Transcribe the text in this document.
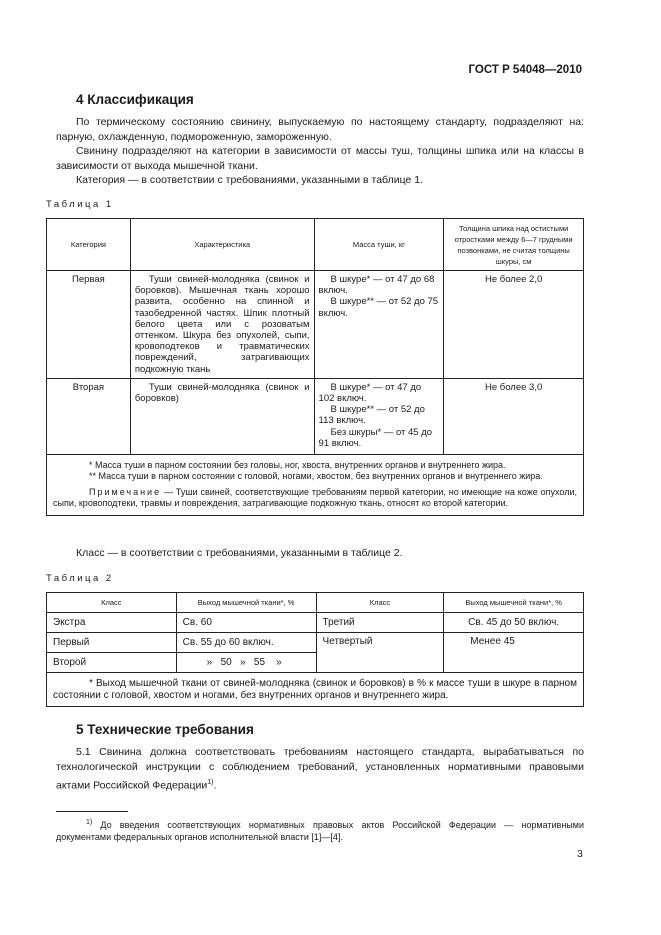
ГОСТ Р 54048—2010
4 Классификация

По термическому состоянию свинину, выпускаемую по настоящему стандарту, подразделяют на: парную, охлажденную, подмороженную, замороженную.

Свинину подразделяют на категории в зависимости от массы туш, толщины шпика или на классы в зависимости от выхода мышечной ткани.

Категория — в соответствии с требованиями, указанными в таблице 1.

Таблица 1
Категория	Характеристика	Масса туши, кг	Толщина шпика над остистыми отростками между 6—7 грудными позвонками, не считая толщины шкуры, см
Первая	Туши свиней-молодняка (свинок и боровков). Мышечная ткань хорошо развита, особенно на спинной и тазобедренной частях. Шпик плотный белого цвета или с розоватым оттенком. Шкура без опухолей, сыпи, кровоподтеков и травматических повреждений, затрагивающих подкожную ткань	В шкуре* — от 47 до 68 включ.

В шкуре** — от 52 до 75 включ.	Не более 2,0
Вторая	Туши свиней-молодняка (свинок и боровков)	В шкуре* — от 47 до 102 включ.

В шкуре** — от 52 до 113 включ.

Без шкуры* — от 45 до 91 включ.	Не более 3,0

* Масса туши в парном состоянии без головы, ног, хвоста, внутренних органов и внутреннего жира.

** Масса туши в парном состоянии с головой, ногами, хвостом, без внутренних органов и внутреннего жира.

Примечание — Туши свиней, соответствующие требованиям первой категории, но имеющие на коже опухоли, сыпи, кровоподтеки, травмы и повреждения, затрагивающие подкожную ткань, относят ко второй категории.			

Класс — в соответствии с требованиями, указанными в таблице 2.

Таблица 2
Класс	Выход мышечной ткани*, %	Класс	Выход мышечной ткани*, %
Экстра	Св. 60	Третий	Св. 45 до 50 включ.
Первый	Св. 55 до 60 включ.	Четвертый	Менее 45
Второй	»   50   »   55    »		

* Выход мышечной ткани от свиней-молодняка (свинок и боровков) в % к массе туши в шкуре в парном состоянии с головой, хвостом и ногами, без внутренних органов и внутреннего жира.			

5 Технические требования

5.1 Свинина должна соответствовать требованиям настоящего стандарта, вырабатываться по технологической инструкции с соблюдением требований, установленных нормативными правовыми актами Российской Федерации$^{1)}$.

$^{1)}$ До введения соответствующих нормативных правовых актов Российской Федерации — нормативными документами федеральных органов исполнительной власти [1]—[4].

3
